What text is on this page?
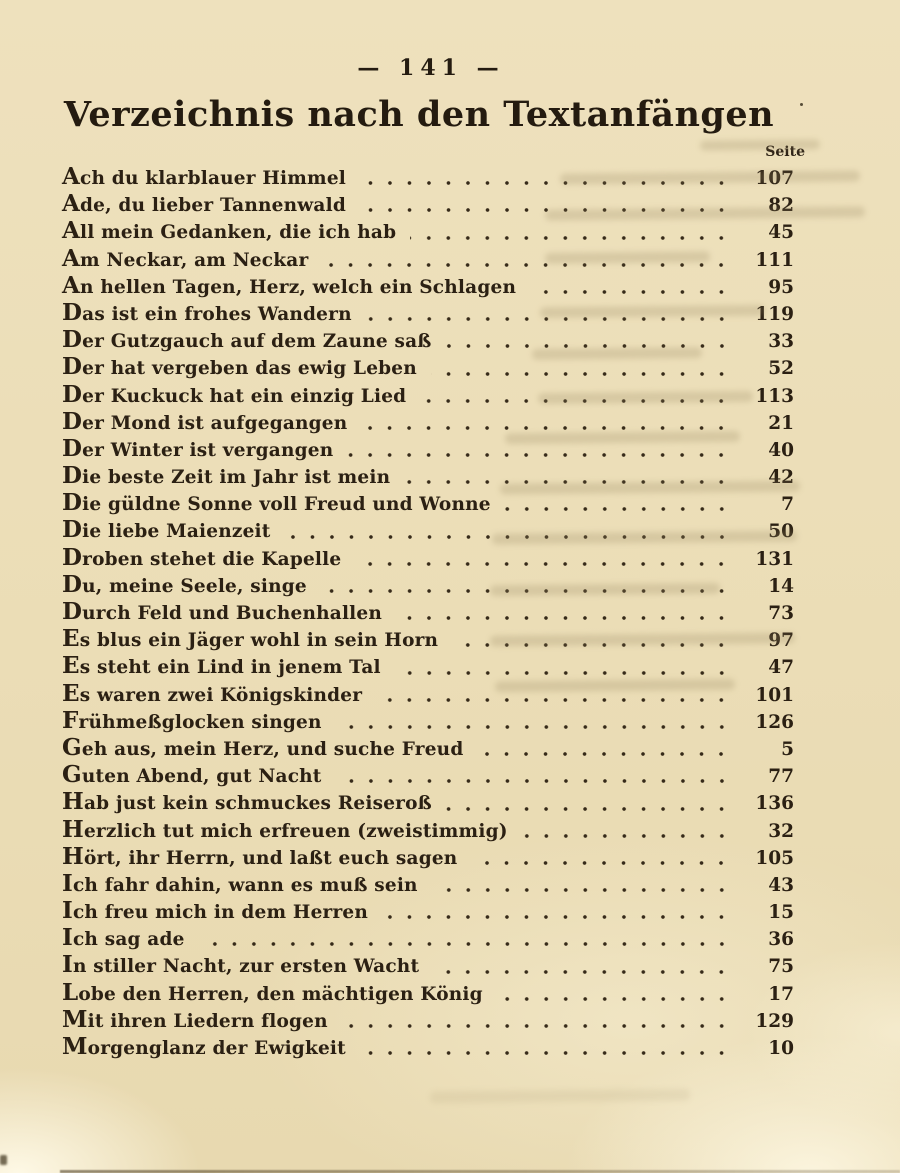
— 141 —
Verzeichnis nach den Textanfängen
Seite
Ach du klarblauer Himmel	107
Ade, du lieber Tannenwald	82
All mein Gedanken, die ich hab	45
Am Neckar, am Neckar	111
An hellen Tagen, Herz, welch ein Schlagen	95
Das ist ein frohes Wandern	119
Der Gutzgauch auf dem Zaune saß	33
Der hat vergeben das ewig Leben	52
Der Kuckuck hat ein einzig Lied	113
Der Mond ist aufgegangen	21
Der Winter ist vergangen	40
Die beste Zeit im Jahr ist mein	42
Die güldne Sonne voll Freud und Wonne	7
Die liebe Maienzeit	50
Droben stehet die Kapelle	131
Du, meine Seele, singe	14
Durch Feld und Buchenhallen	73
Es blus ein Jäger wohl in sein Horn	97
Es steht ein Lind in jenem Tal	47
Es waren zwei Königskinder	101
Frühmeßglocken singen	126
Geh aus, mein Herz, und suche Freud	5
Guten Abend, gut Nacht	77
Hab just kein schmuckes Reiseroß	136
Herzlich tut mich erfreuen (zweistimmig)	32
Hört, ihr Herrn, und laßt euch sagen	105
Ich fahr dahin, wann es muß sein	43
Ich freu mich in dem Herren	15
Ich sag ade	36
In stiller Nacht, zur ersten Wacht	75
Lobe den Herren, den mächtigen König	17
Mit ihren Liedern flogen	129
Morgenglanz der Ewigkeit	10
